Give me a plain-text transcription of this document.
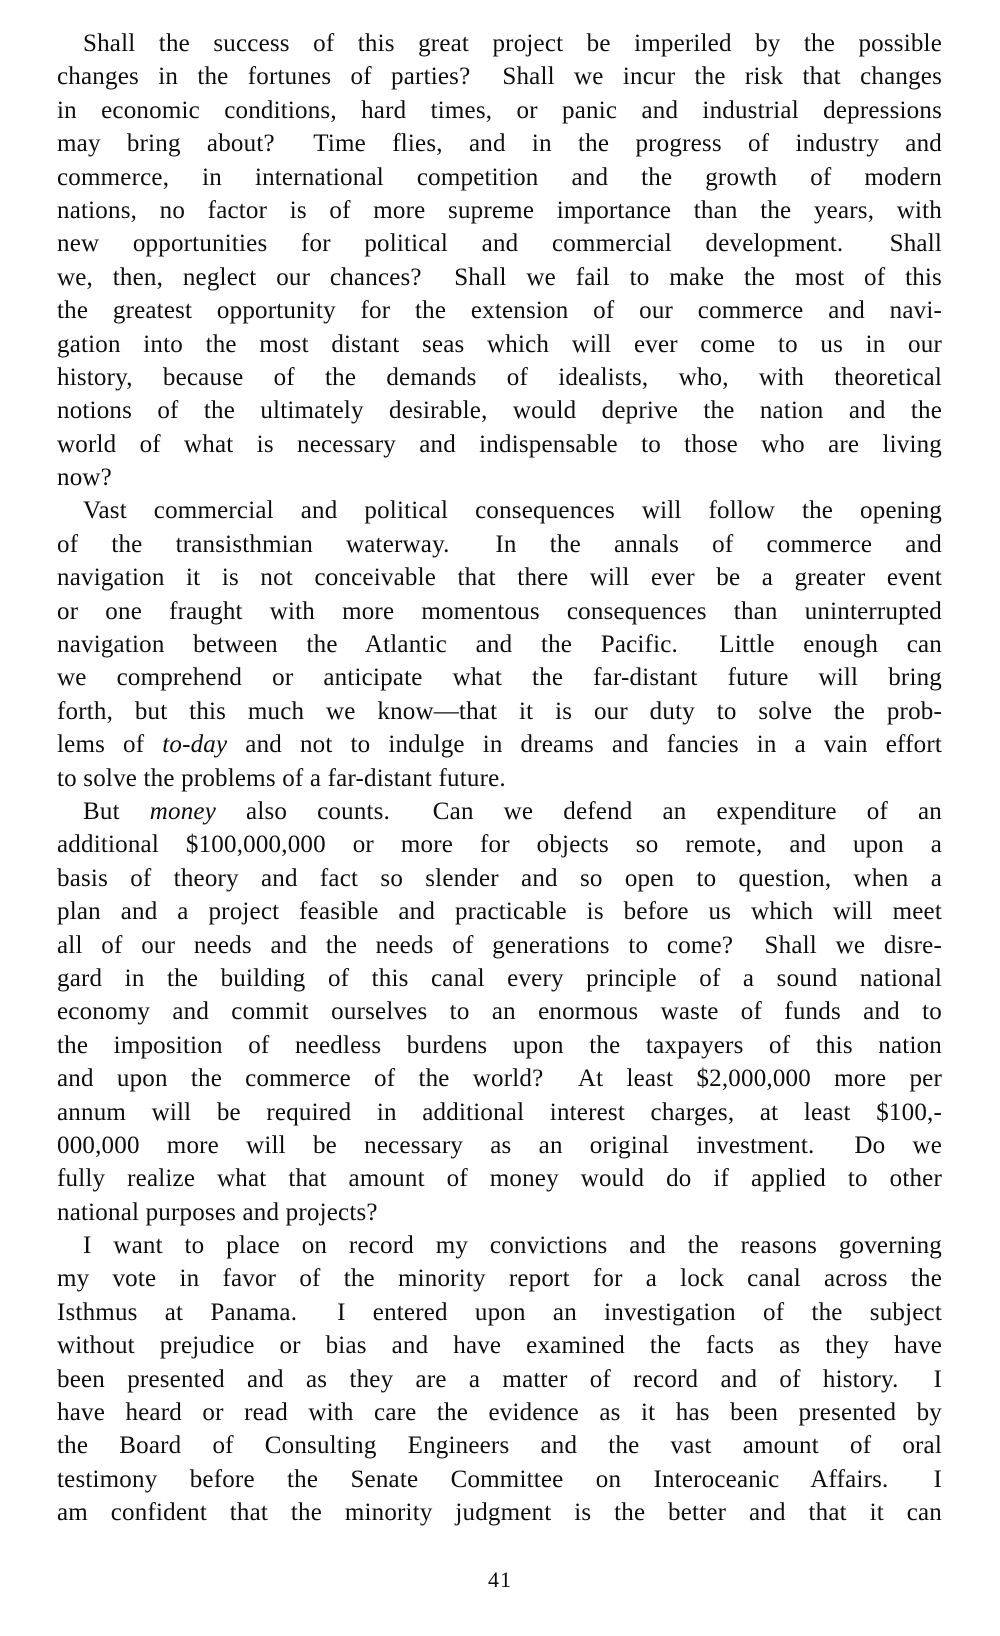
Shall the success of this great project be imperiled by the possible
changes in the fortunes of parties?  Shall we incur the risk that changes
in economic conditions, hard times, or panic and industrial depressions
may bring about?  Time flies, and in the progress of industry and
commerce, in international competition and the growth of modern
nations, no factor is of more supreme importance than the years, with
new opportunities for political and commercial development.  Shall
we, then, neglect our chances?  Shall we fail to make the most of this
the greatest opportunity for the extension of our commerce and navi-
gation into the most distant seas which will ever come to us in our
history, because of the demands of idealists, who, with theoretical
notions of the ultimately desirable, would deprive the nation and the
world of what is necessary and indispensable to those who are living
now?
Vast commercial and political consequences will follow the opening
of the transisthmian waterway.  In the annals of commerce and
navigation it is not conceivable that there will ever be a greater event
or one fraught with more momentous consequences than uninterrupted
navigation between the Atlantic and the Pacific.  Little enough can
we comprehend or anticipate what the far-distant future will bring
forth, but this much we know—that it is our duty to solve the prob-
lems of to-day and not to indulge in dreams and fancies in a vain effort
to solve the problems of a far-distant future.
But money also counts.  Can we defend an expenditure of an
additional $100,000,000 or more for objects so remote, and upon a
basis of theory and fact so slender and so open to question, when a
plan and a project feasible and practicable is before us which will meet
all of our needs and the needs of generations to come?  Shall we disre-
gard in the building of this canal every principle of a sound national
economy and commit ourselves to an enormous waste of funds and to
the imposition of needless burdens upon the taxpayers of this nation
and upon the commerce of the world?  At least $2,000,000 more per
annum will be required in additional interest charges, at least $100,-
000,000 more will be necessary as an original investment.  Do we
fully realize what that amount of money would do if applied to other
national purposes and projects?
I want to place on record my convictions and the reasons governing
my vote in favor of the minority report for a lock canal across the
Isthmus at Panama.  I entered upon an investigation of the subject
without prejudice or bias and have examined the facts as they have
been presented and as they are a matter of record and of history.  I
have heard or read with care the evidence as it has been presented by
the Board of Consulting Engineers and the vast amount of oral
testimony before the Senate Committee on Interoceanic Affairs.  I
am confident that the minority judgment is the better and that it can
41
